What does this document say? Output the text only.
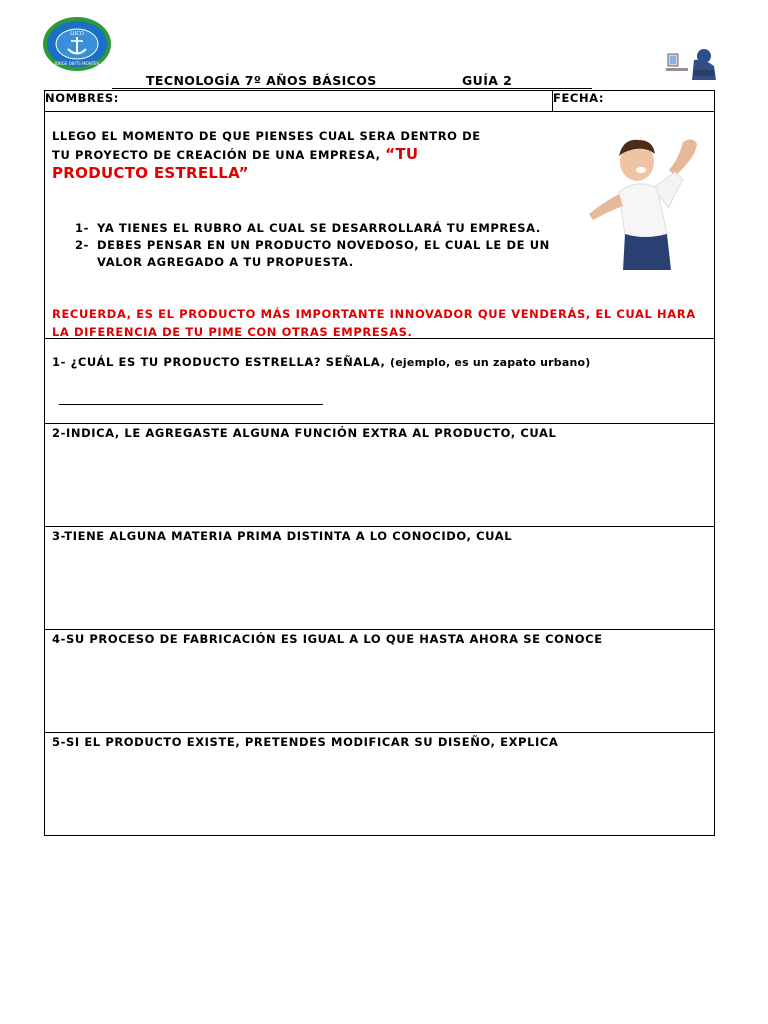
LUCO
JORGE OBITS MONTES
TECNOLOGÍA 7º AÑOS BÁSICOS	GUÍA 2
NOMBRES:	FECHA:

LLEGO EL MOMENTO DE QUE PIENSES CUAL SERA DENTRO DE
TU PROYECTO DE CREACIÓN DE UNA EMPRESA, “TU
PRODUCTO ESTRELLA”
1- YA TIENES EL RUBRO AL CUAL SE DESARROLLARÁ TU EMPRESA.
2- DEBES PENSAR EN UN PRODUCTO NOVEDOSO, EL CUAL LE DE UN VALOR AGREGADO A TU PROPUESTA.
RECUERDA, ES EL PRODUCTO MÁS IMPORTANTE INNOVADOR QUE VENDERÁS, EL CUAL HARA LA DIFERENCIA DE TU PIME CON OTRAS EMPRESAS.

1- ¿CUÁL ES TU PRODUCTO ESTRELLA? SEÑALA, (ejemplo, es un zapato urbano)

2-INDICA, LE AGREGASTE ALGUNA FUNCIÓN EXTRA AL PRODUCTO, CUAL

3-TIENE ALGUNA MATERIA PRIMA DISTINTA A LO CONOCIDO, CUAL

4-SU PROCESO DE FABRICACIÓN ES IGUAL A LO QUE HASTA AHORA SE CONOCE

5-SI EL PRODUCTO EXISTE, PRETENDES MODIFICAR SU DISEÑO, EXPLICA
